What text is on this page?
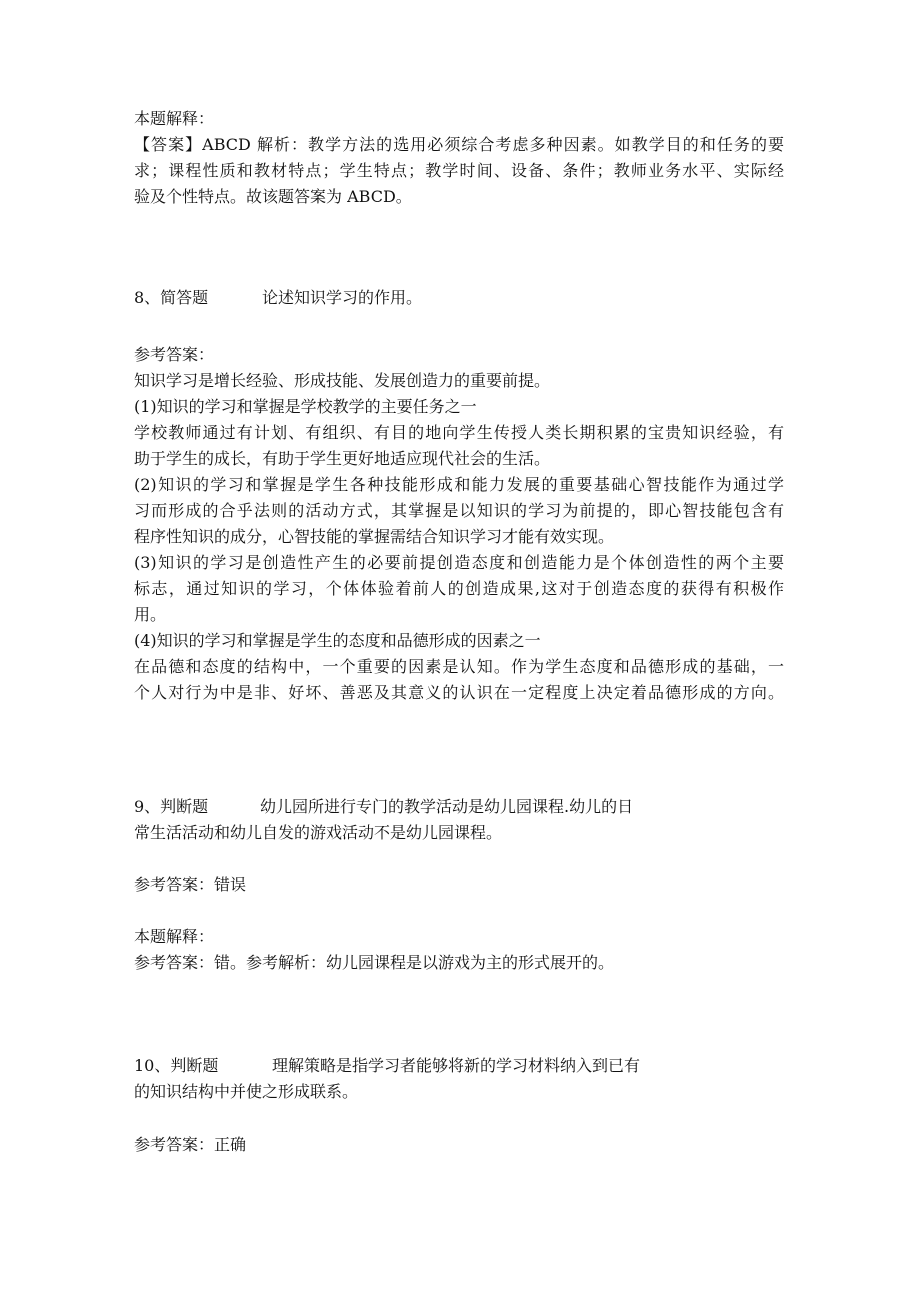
本题解释：
【答案】ABCD 解析：教学方法的选用必须综合考虑多种因素。如教学目的和任务的要
求；课程性质和教材特点；学生特点；教学时间、设备、条件；教师业务水平、实际经
验及个性特点。故该题答案为 ABCD。
8、简答题	论述知识学习的作用。
参考答案：
知识学习是增长经验、形成技能、发展创造力的重要前提。
(1)知识的学习和掌握是学校教学的主要任务之一
学校教师通过有计划、有组织、有目的地向学生传授人类长期积累的宝贵知识经验，有
助于学生的成长，有助于学生更好地适应现代社会的生活。
(2)知识的学习和掌握是学生各种技能形成和能力发展的重要基础心智技能作为通过学
习而形成的合乎法则的活动方式，其掌握是以知识的学习为前提的，即心智技能包含有
程序性知识的成分，心智技能的掌握需结合知识学习才能有效实现。
(3)知识的学习是创造性产生的必要前提创造态度和创造能力是个体创造性的两个主要
标志，通过知识的学习，个体体验着前人的创造成果,这对于创造态度的获得有积极作
用。
(4)知识的学习和掌握是学生的态度和品德形成的因素之一
在品德和态度的结构中，一个重要的因素是认知。作为学生态度和品德形成的基础，一
个人对行为中是非、好坏、善恶及其意义的认识在一定程度上决定着品德形成的方向。
9、判断题	幼儿园所进行专门的教学活动是幼儿园课程.幼儿的日
常生活活动和幼儿自发的游戏活动不是幼儿园课程。
参考答案：错误
本题解释：
参考答案：错。参考解析：幼儿园课程是以游戏为主的形式展开的。
10、判断题	理解策略是指学习者能够将新的学习材料纳入到已有
的知识结构中并使之形成联系。
参考答案：正确
